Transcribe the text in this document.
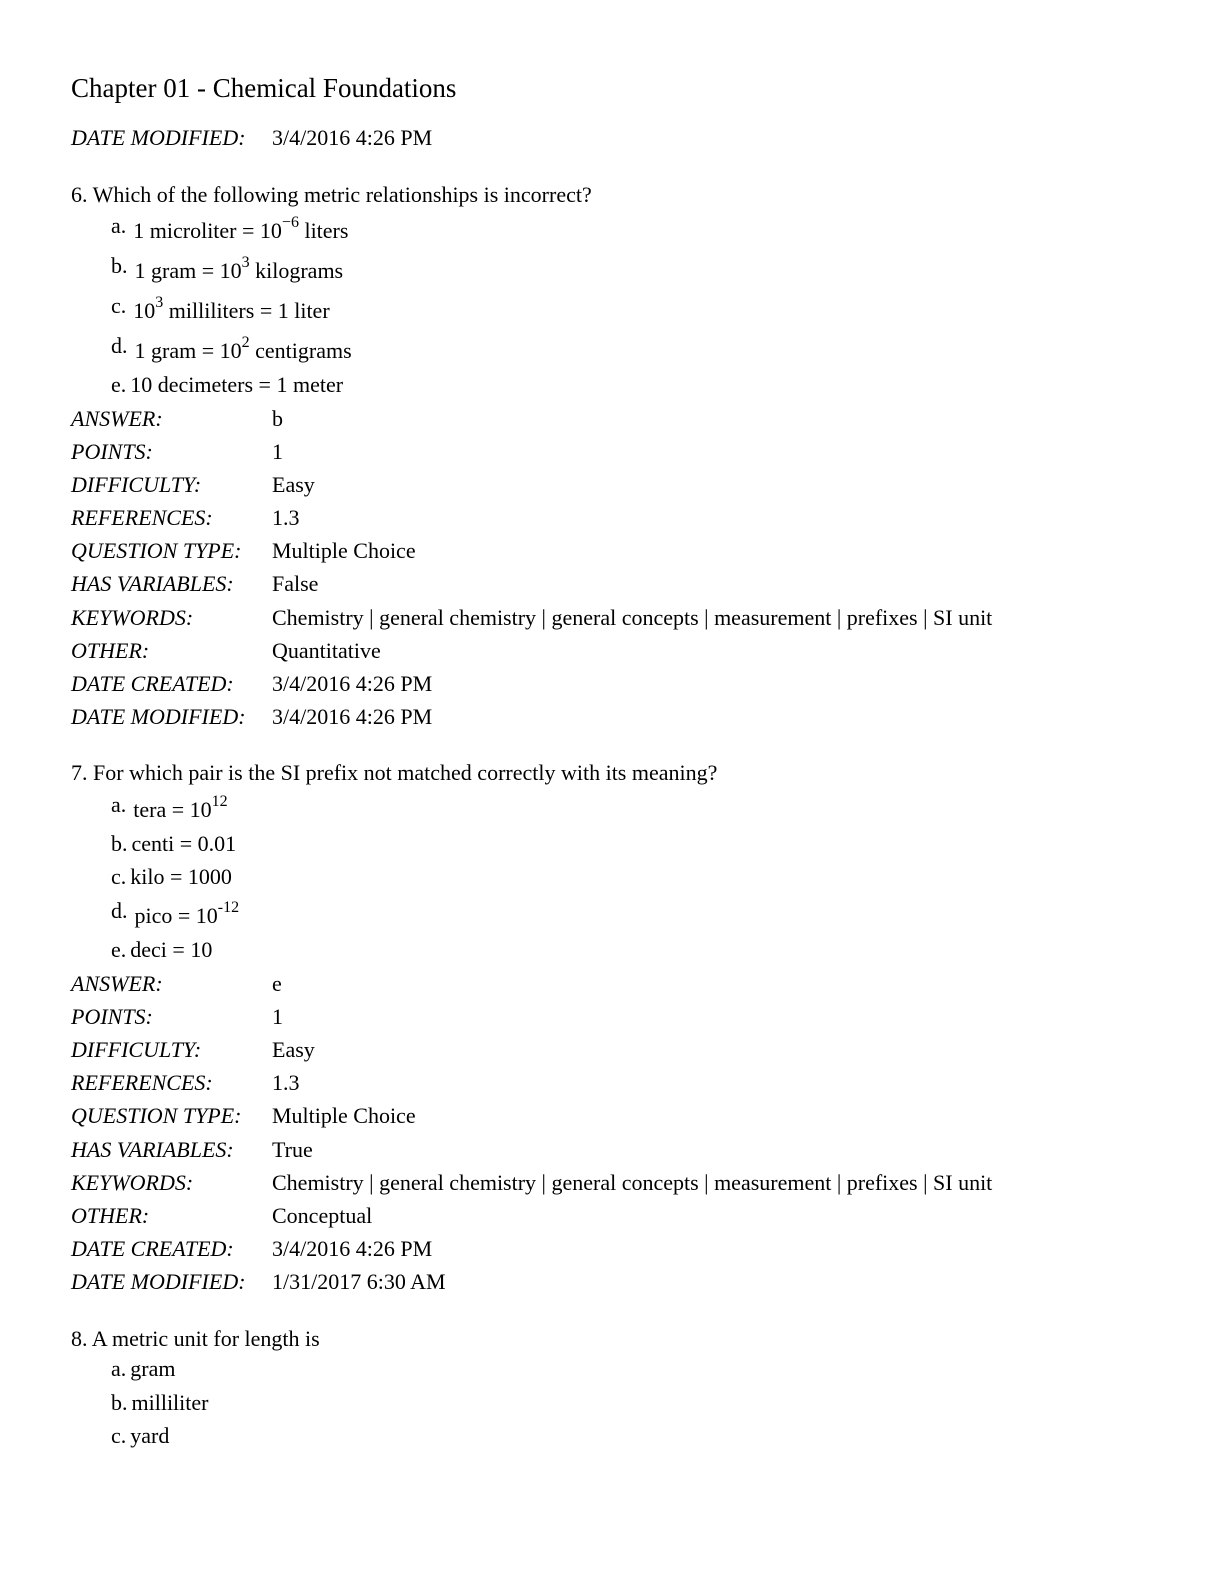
Chapter 01 - Chemical Foundations
DATE MODIFIED: 3/4/2016 4:26 PM
6. Which of the following metric relationships is incorrect?
a. 1 microliter = $10^{-6}$ liters
b. 1 gram = $10^3$ kilograms
c. $10^3$ milliliters = 1 liter
d. 1 gram = $10^2$ centigrams
e. 10 decimeters = 1 meter
ANSWER:	b
POINTS:	1
DIFFICULTY:	Easy
REFERENCES:	1.3
QUESTION TYPE: Multiple Choice
HAS VARIABLES: False
KEYWORDS:	Chemistry | general chemistry | general concepts | measurement | prefixes | SI unit
OTHER:	Quantitative
DATE CREATED: 3/4/2016 4:26 PM
DATE MODIFIED: 3/4/2016 4:26 PM
7. For which pair is the SI prefix not matched correctly with its meaning?
a. tera = $10^{12}$
b. centi = 0.01
c. kilo = 1000
d. pico = $10^{-12}$
e. deci = 10
ANSWER:	e
POINTS:	1
DIFFICULTY:	Easy
REFERENCES:	1.3
QUESTION TYPE: Multiple Choice
HAS VARIABLES: True
KEYWORDS:	Chemistry | general chemistry | general concepts | measurement | prefixes | SI unit
OTHER:	Conceptual
DATE CREATED: 3/4/2016 4:26 PM
DATE MODIFIED: 1/31/2017 6:30 AM
8. A metric unit for length is
a. gram
b. milliliter
c. yard
